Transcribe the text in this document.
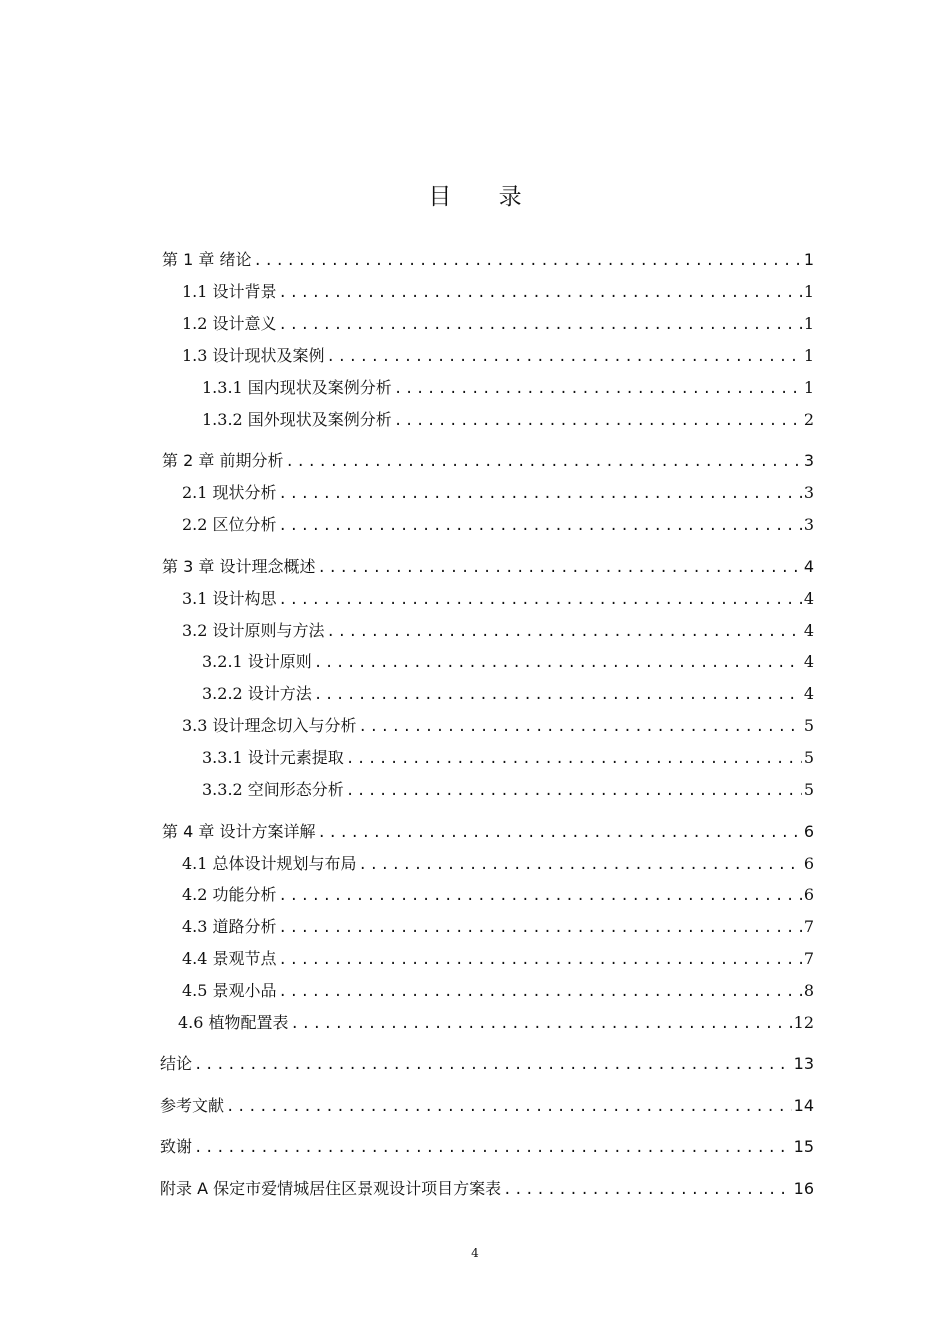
目 录
第 1 章 绪论 .....	1
1.1 设计背景 .....	1
1.2 设计意义 .....	1
1.3 设计现状及案例 .....	1
1.3.1 国内现状及案例分析 .....	1
1.3.2 国外现状及案例分析 .....	2
第 2 章 前期分析 .....	3
2.1 现状分析 .....	3
2.2 区位分析 .....	3
第 3 章 设计理念概述 .....	4
3.1 设计构思 .....	4
3.2 设计原则与方法 .....	4
3.2.1 设计原则 .....	4
3.2.2 设计方法 .....	4
3.3 设计理念切入与分析 .....	5
3.3.1 设计元素提取 .....	5
3.3.2 空间形态分析 .....	5
第 4 章 设计方案详解 .....	6
4.1 总体设计规划与布局 .....	6
4.2 功能分析 .....	6
4.3 道路分析 .....	7
4.4 景观节点 .....	7
4.5 景观小品 .....	8
4.6 植物配置表 .....	12
结论 .....	13
参考文献 .....	14
致谢 .....	15
附录 A 保定市爱情城居住区景观设计项目方案表 .....	16
4
